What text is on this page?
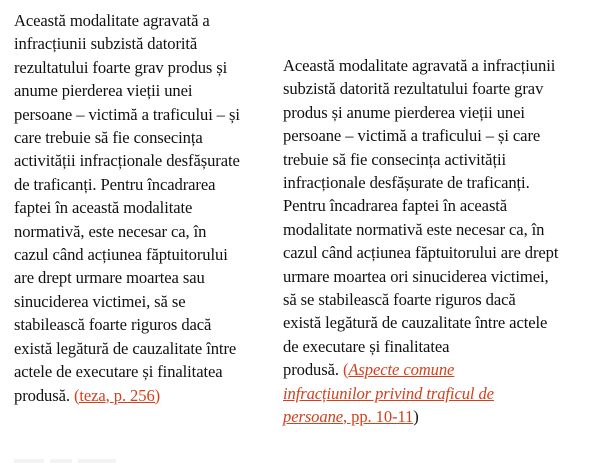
Această modalitate agravată a
infracțiunii subzistă datorită
rezultatului foarte grav produs și
anume pierderea vieții unei
persoane – victimă a traficului – și
care trebuie să fie consecința
activității infracționale desfășurate
de traficanți. Pentru încadrarea
faptei în această modalitate
normativă, este necesar ca, în
cazul când acțiunea făptuitorului
are drept urmare moartea sau
sinuciderea victimei, să se
stabilească foarte riguros dacă
există legătură de cauzalitate între
actele de executare și finalitatea
produsă. (teza, p. 256)
Această modalitate agravată a infracțiunii
subzistă datorită rezultatului foarte grav
produs și anume pierderea vieții unei
persoane – victimă a traficului – și care
trebuie să fie consecința activității
infracționale desfășurate de traficanți.
Pentru încadrarea faptei în această
modalitate normativă este necesar ca, în
cazul când acțiunea făptuitorului are drept
urmare moartea ori sinuciderea victimei,
să se stabilească foarte riguros dacă
există legătură de cauzalitate între actele
de executare și finalitatea
produsă. (Aspecte comune
infracțiunilor privind traficul de
persoane, pp. 10-11)
